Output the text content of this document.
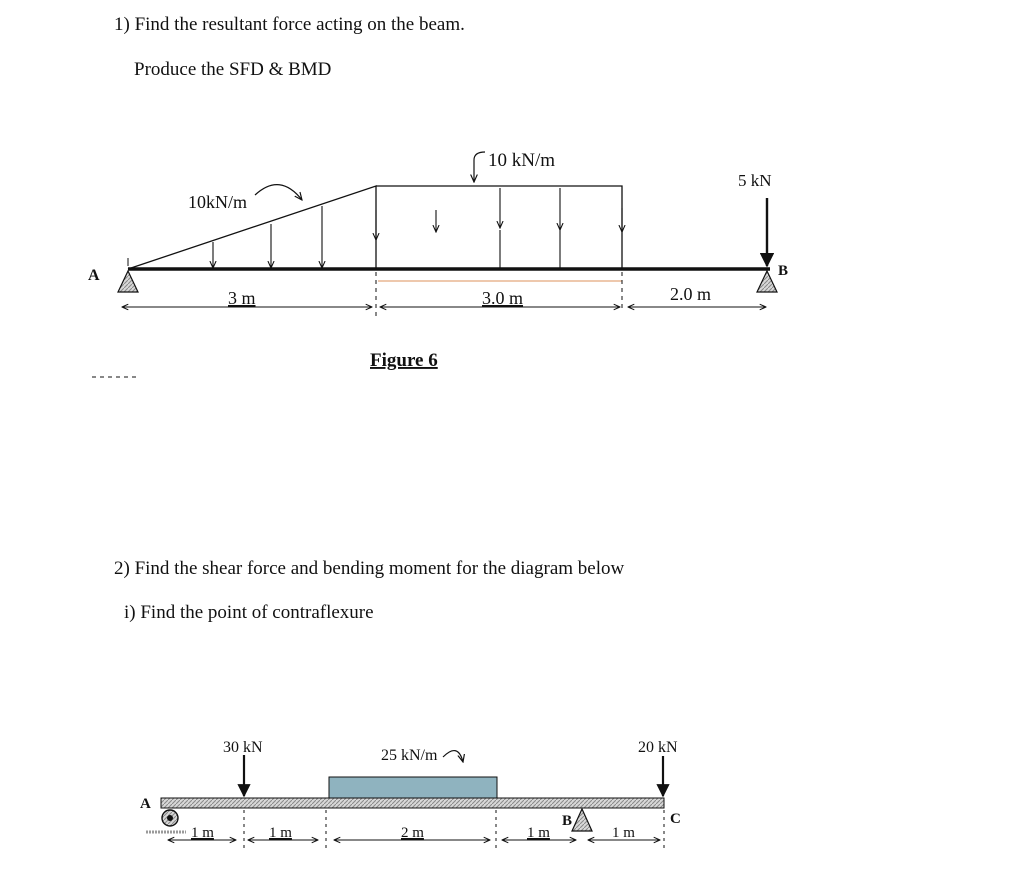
1) Find the resultant force acting on the beam.
Produce the SFD & BMD
2) Find the shear force and bending moment for the diagram below
i) Find the point of contraflexure
A	B
10kN/m
10 kN/m
5 kN
3 m	3.0 m	2.0 m
Figure 6
30 kN	25 kN/m	20 kN
A
B	C
1 m	1 m	2 m	1 m	1 m
